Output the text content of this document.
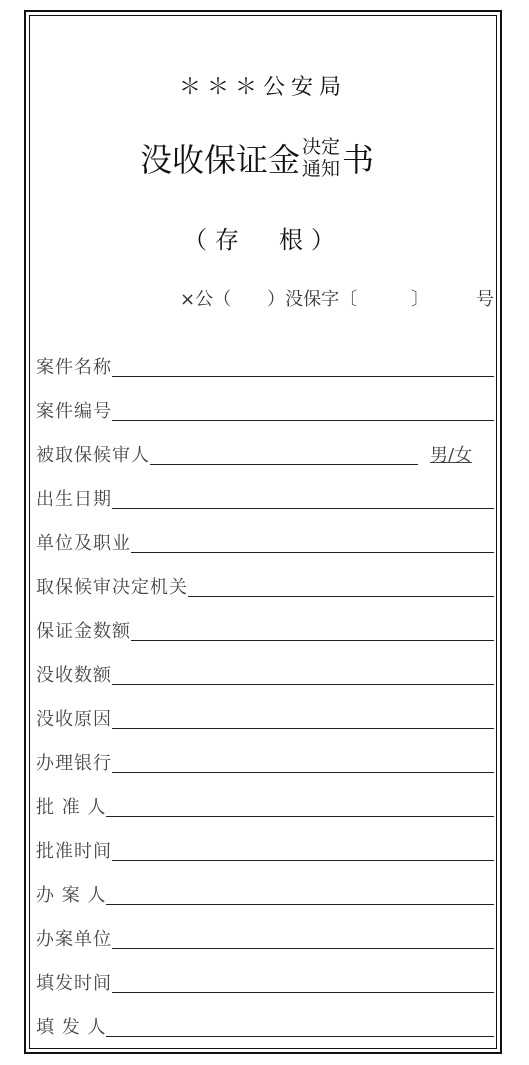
＊＊＊公安局
没收保证金 决定
通知 书
（存　根）
×公（　　）没保字〔　　　〕	号
案件名称
案件编号
被取保候审人	男/女
出生日期
单位及职业
取保候审决定机关
保证金数额
没收数额
没收原因
办理银行
批 准 人
批准时间
办 案 人
办案单位
填发时间
填 发 人
